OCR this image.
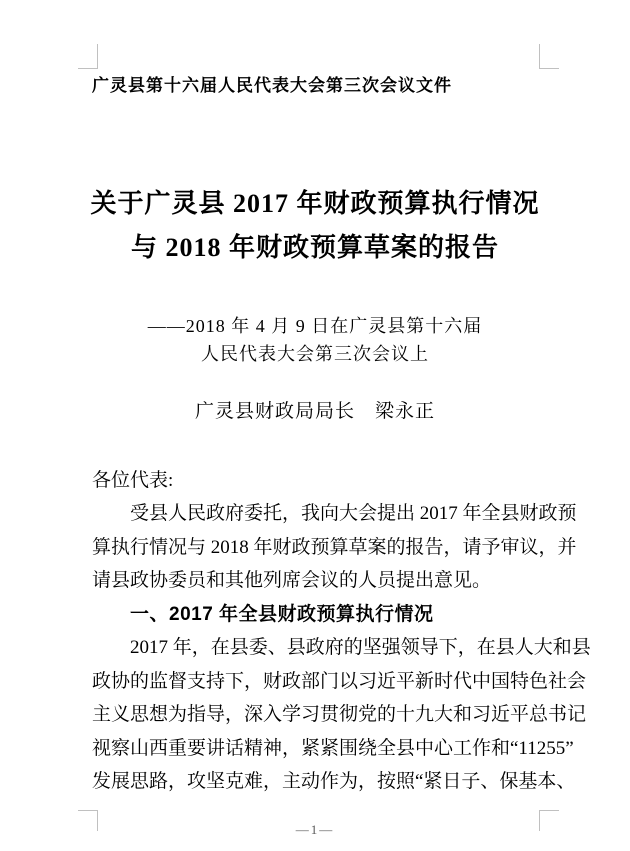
广灵县第十六届人民代表大会第三次会议文件
关于广灵县 2017 年财政预算执行情况
与 2018 年财政预算草案的报告
——2018 年 4 月 9 日在广灵县第十六届
人民代表大会第三次会议上
广灵县财政局局长　梁永正
各位代表:
受县人民政府委托，我向大会提出 2017 年全县财政预
算执行情况与 2018 年财政预算草案的报告，请予审议，并
请县政协委员和其他列席会议的人员提出意见。
一、2017 年全县财政预算执行情况
2017 年，在县委、县政府的坚强领导下，在县人大和县
政协的监督支持下，财政部门以习近平新时代中国特色社会
主义思想为指导，深入学习贯彻党的十九大和习近平总书记
视察山西重要讲话精神，紧紧围绕全县中心工作和“11255”
发展思路，攻坚克难，主动作为，按照“紧日子、保基本、
—1—
